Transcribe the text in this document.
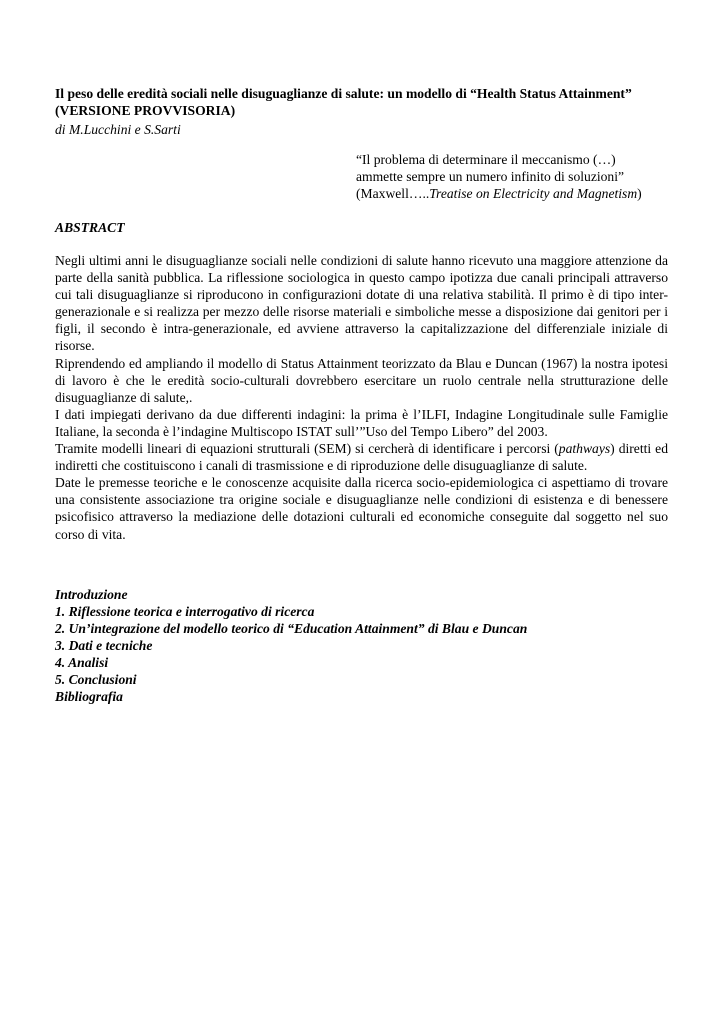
Il peso delle eredità sociali nelle disuguaglianze di salute: un modello di “Health Status Attainment” (VERSIONE PROVVISORIA)
di M.Lucchini e S.Sarti
“Il problema di determinare il meccanismo (…)
ammette sempre un numero infinito di soluzioni”
(Maxwell…..Treatise on Electricity and Magnetism)
ABSTRACT

Negli ultimi anni le disuguaglianze sociali nelle condizioni di salute hanno ricevuto una maggiore attenzione da parte della sanità pubblica. La riflessione sociologica in questo campo ipotizza due canali principali attraverso cui tali disuguaglianze si riproducono in configurazioni dotate di una relativa stabilità. Il primo è di tipo inter-generazionale e si realizza per mezzo delle risorse materiali e simboliche messe a disposizione dai genitori per i figli, il secondo è intra-generazionale, ed avviene attraverso la capitalizzazione del differenziale iniziale di risorse.

Riprendendo ed ampliando il modello di Status Attainment teorizzato da Blau e Duncan (1967) la nostra ipotesi di lavoro è che le eredità socio-culturali dovrebbero esercitare un ruolo centrale nella strutturazione delle disuguaglianze di salute,.

I dati impiegati derivano da due differenti indagini: la prima è l’ILFI, Indagine Longitudinale sulle Famiglie Italiane, la seconda è l’indagine Multiscopo ISTAT sull’”Uso del Tempo Libero” del 2003.

Tramite modelli lineari di equazioni strutturali (SEM) si cercherà di identificare i percorsi (pathways) diretti ed indiretti che costituiscono i canali di trasmissione e di riproduzione delle disuguaglianze di salute.

Date le premesse teoriche e le conoscenze acquisite dalla ricerca socio-epidemiologica ci aspettiamo di trovare una consistente associazione tra origine sociale e disuguaglianze nelle condizioni di esistenza e di benessere psicofisico attraverso la mediazione delle dotazioni culturali ed economiche conseguite dal soggetto nel suo corso di vita.

Introduzione
1. Riflessione teorica e interrogativo di ricerca
2. Un’integrazione del modello teorico di “Education Attainment” di Blau e Duncan
3. Dati e tecniche
4. Analisi
5. Conclusioni
Bibliografia
